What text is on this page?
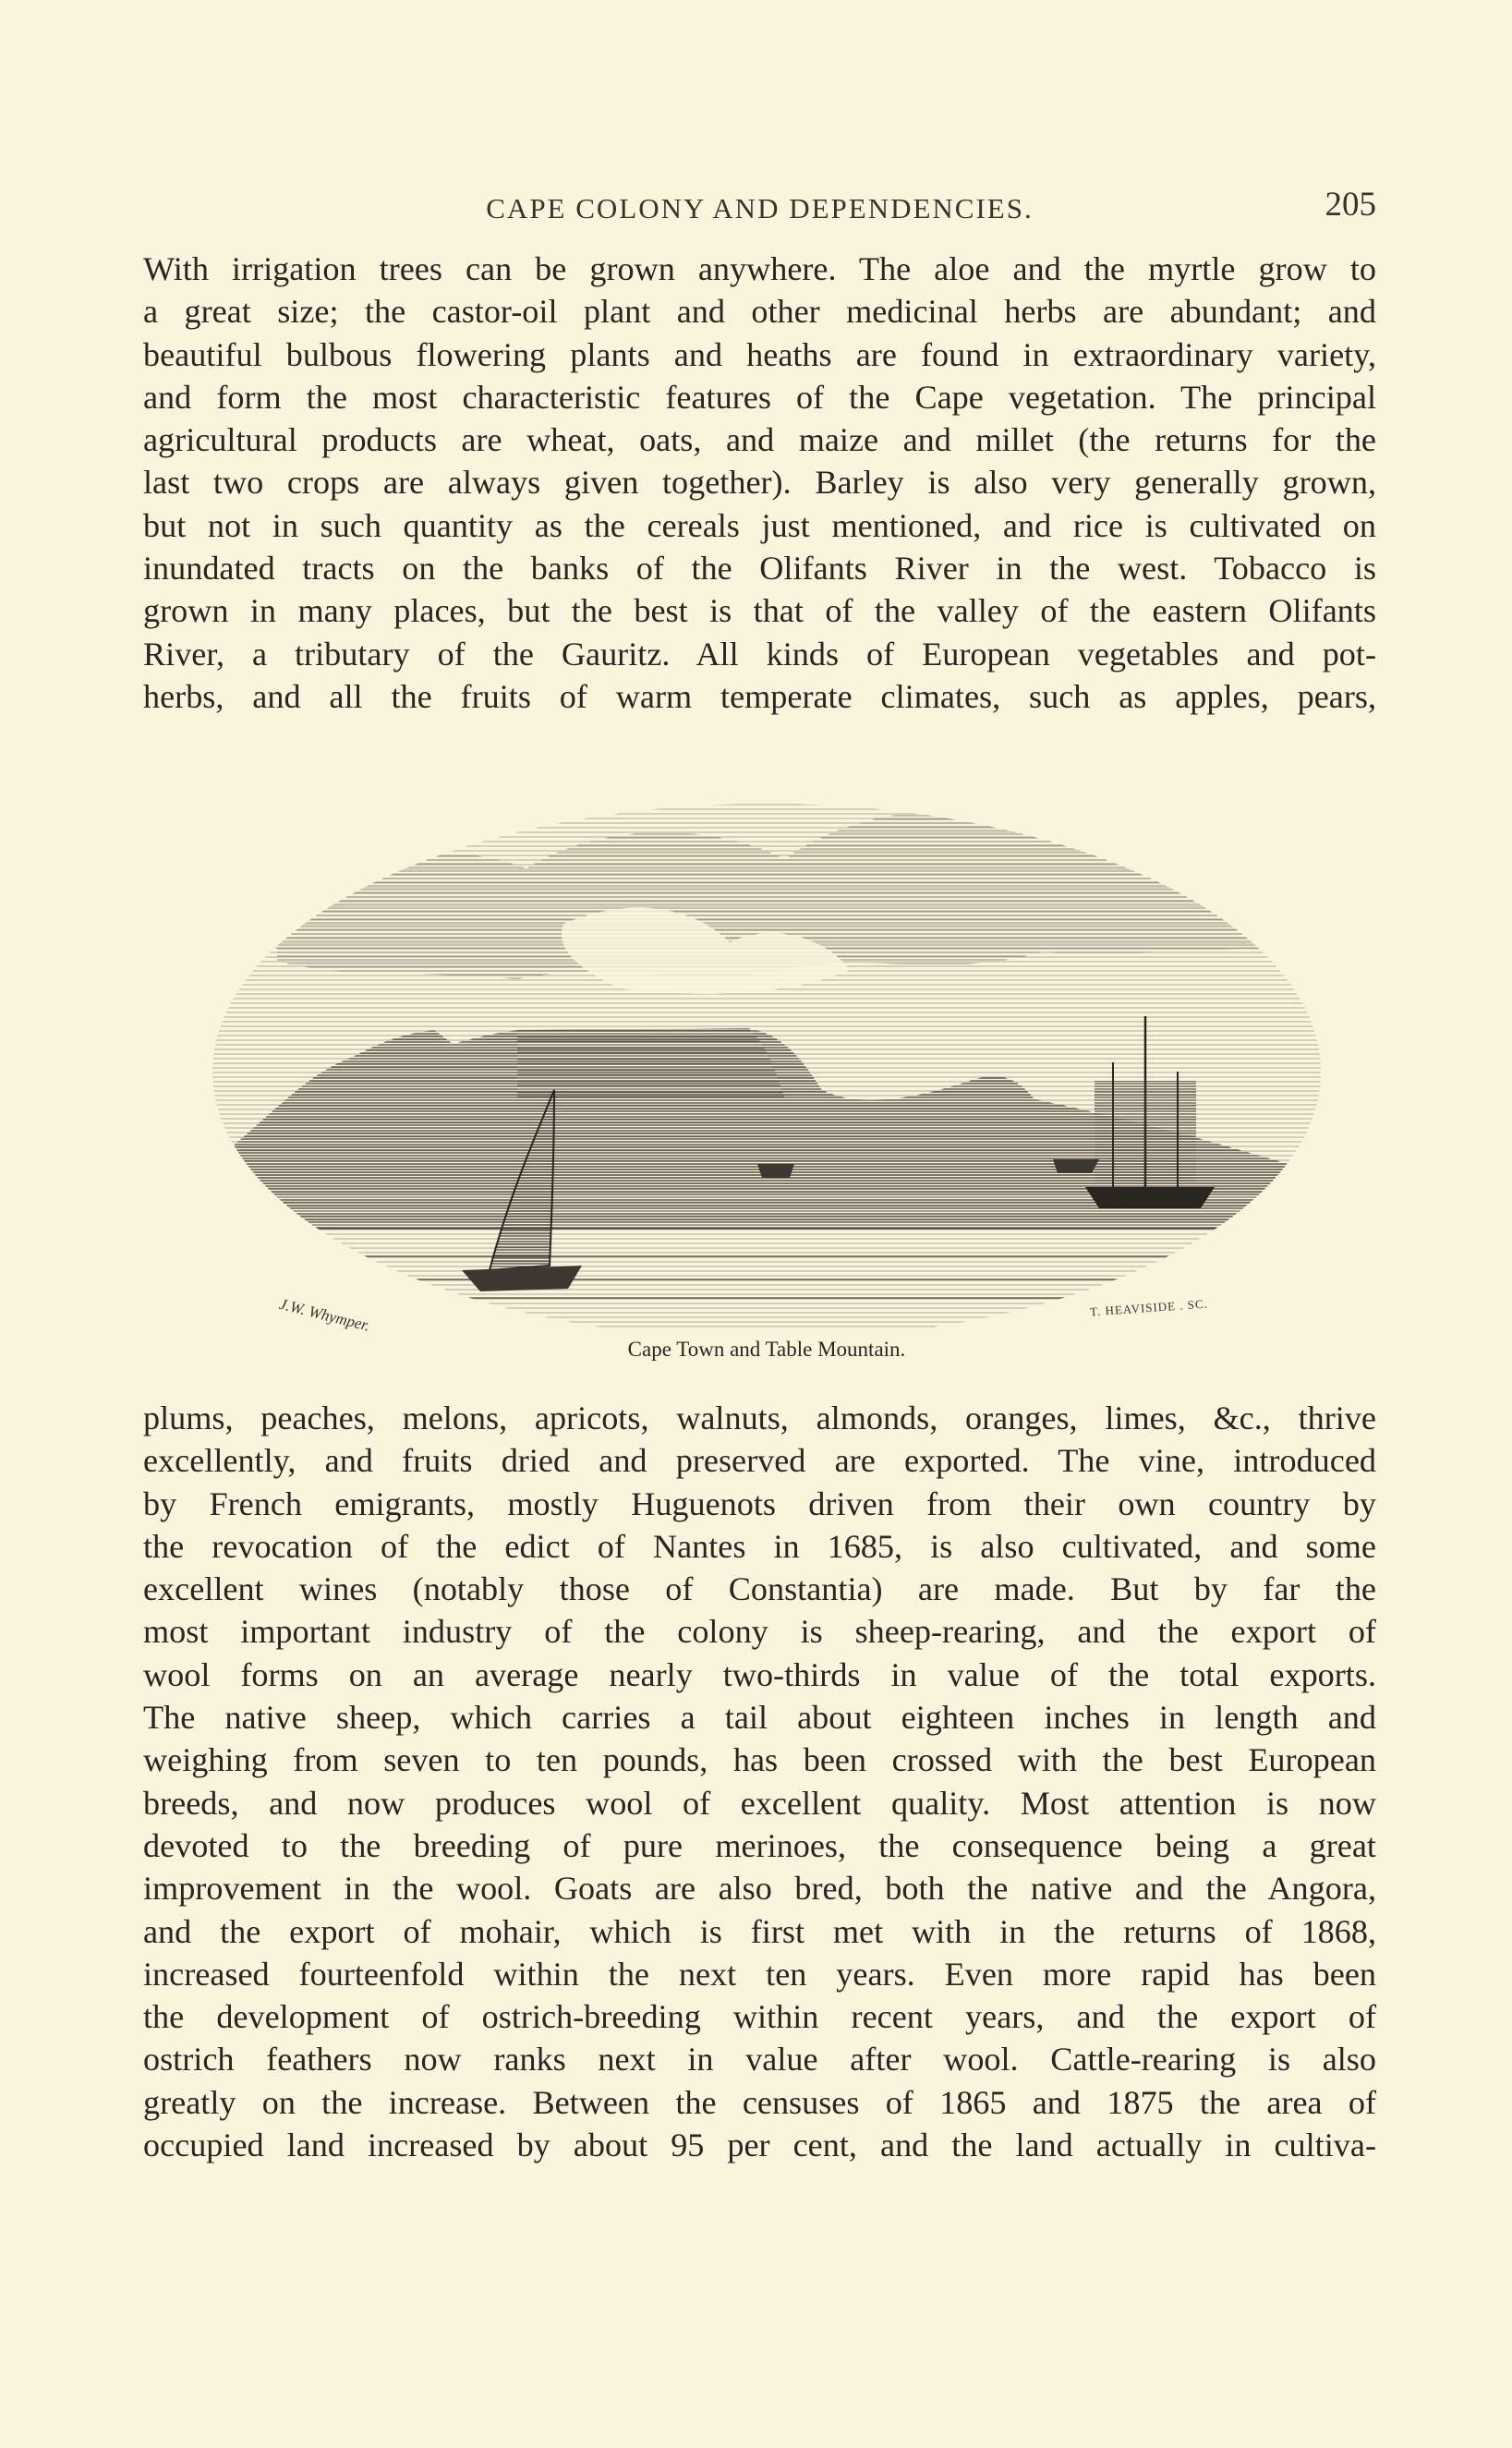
CAPE COLONY AND DEPENDENCIES.	205
With irrigation trees can be grown anywhere. The aloe and the myrtle grow to
a great size; the castor-oil plant and other medicinal herbs are abundant; and
beautiful bulbous flowering plants and heaths are found in extraordinary variety,
and form the most characteristic features of the Cape vegetation. The principal
agricultural products are wheat, oats, and maize and millet (the returns for the
last two crops are always given together). Barley is also very generally grown,
but not in such quantity as the cereals just mentioned, and rice is cultivated on
inundated tracts on the banks of the Olifants River in the west. Tobacco is
grown in many places, but the best is that of the valley of the eastern Olifants
River, a tributary of the Gauritz. All kinds of European vegetables and pot-
herbs, and all the fruits of warm temperate climates, such as apples, pears,
J.W. Whymper.	T. HEAVISIDE . SC.
Cape Town and Table Mountain.
plums, peaches, melons, apricots, walnuts, almonds, oranges, limes, &c., thrive
excellently, and fruits dried and preserved are exported. The vine, introduced
by French emigrants, mostly Huguenots driven from their own country by
the revocation of the edict of Nantes in 1685, is also cultivated, and some
excellent wines (notably those of Constantia) are made. But by far the
most important industry of the colony is sheep-rearing, and the export of
wool forms on an average nearly two-thirds in value of the total exports.
The native sheep, which carries a tail about eighteen inches in length and
weighing from seven to ten pounds, has been crossed with the best European
breeds, and now produces wool of excellent quality. Most attention is now
devoted to the breeding of pure merinoes, the consequence being a great
improvement in the wool. Goats are also bred, both the native and the Angora,
and the export of mohair, which is first met with in the returns of 1868,
increased fourteenfold within the next ten years. Even more rapid has been
the development of ostrich-breeding within recent years, and the export of
ostrich feathers now ranks next in value after wool. Cattle-rearing is also
greatly on the increase. Between the censuses of 1865 and 1875 the area of
occupied land increased by about 95 per cent, and the land actually in cultiva-
